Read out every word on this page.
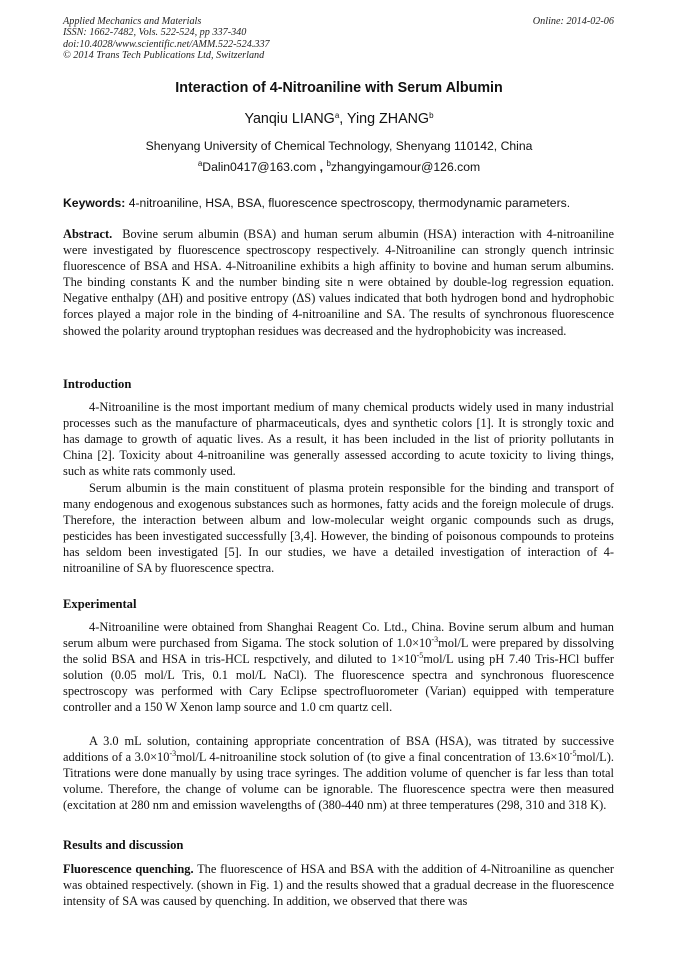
Applied Mechanics and Materials
ISSN: 1662-7482, Vols. 522-524, pp 337-340
doi:10.4028/www.scientific.net/AMM.522-524.337
© 2014 Trans Tech Publications Ltd, Switzerland
Online: 2014-02-06
Interaction of 4-Nitroaniline with Serum Albumin
Yanqiu LIANG$^a$, Ying ZHANG$^b$
Shenyang University of Chemical Technology, Shenyang 110142, China
$^a$Dalin0417@163.com , $^b$zhangyingamour@126.com
Keywords: 4-nitroaniline, HSA, BSA, fluorescence spectroscopy, thermodynamic parameters.
Abstract. Bovine serum albumin (BSA) and human serum albumin (HSA) interaction with 4-nitroaniline were investigated by fluorescence spectroscopy respectively. 4-Nitroaniline can strongly quench intrinsic fluorescence of BSA and HSA. 4-Nitroaniline exhibits a high affinity to bovine and human serum albumins. The binding constants K and the number binding site n were obtained by double-log regression equation. Negative enthalpy (ΔH) and positive entropy (ΔS) values indicated that both hydrogen bond and hydrophobic forces played a major role in the binding of 4-nitroaniline and SA. The results of synchronous fluorescence showed the polarity around tryptophan residues was decreased and the hydrophobicity was increased.
Introduction
4-Nitroaniline is the most important medium of many chemical products widely used in many industrial processes such as the manufacture of pharmaceuticals, dyes and synthetic colors [1]. It is strongly toxic and has damage to growth of aquatic lives. As a result, it has been included in the list of priority pollutants in China [2]. Toxicity about 4-nitroaniline was generally assessed according to acute toxicity to living things, such as white rats commonly used.
Serum albumin is the main constituent of plasma protein responsible for the binding and transport of many endogenous and exogenous substances such as hormones, fatty acids and the foreign molecule of drugs. Therefore, the interaction between album and low-molecular weight organic compounds such as drugs, pesticides has been investigated successfully [3,4]. However, the binding of poisonous compounds to proteins has seldom been investigated [5]. In our studies, we have a detailed investigation of interaction of 4- nitroaniline of SA by fluorescence spectra.
Experimental
4-Nitroaniline were obtained from Shanghai Reagent Co. Ltd., China. Bovine serum album and human serum album were purchased from Sigama. The stock solution of $1.0\times 10^{-3}mol/L$ were prepared by dissolving the solid BSA and HSA in tris-HCL respctively, and diluted to $1\times 10^{-5}mol/L$ using pH 7.40 Tris-HCl buffer solution (0.05 mol/L Tris, 0.1 mol/L NaCl). The fluorescence spectra and synchronous fluorescence spectroscopy was performed with Cary Eclipse spectrofluorometer (Varian) equipped with temperature controller and a 150 W Xenon lamp source and 1.0 cm quartz cell.
A 3.0 mL solution, containing appropriate concentration of BSA (HSA), was titrated by successive additions of a $3.0\times 10^{-3}mol/L$ 4-nitroaniline stock solution of (to give a final concentration of $13.6\times 10^{-5}mol/L$). Titrations were done manually by using trace syringes. The addition volume of quencher is far less than total volume. Therefore, the change of volume can be ignorable. The fluorescence spectra were then measured (excitation at 280 nm and emission wavelengths of (380-440 nm) at three temperatures (298, 310 and 318 K).
Results and discussion
Fluorescence quenching. The fluorescence of HSA and BSA with the addition of 4-Nitroaniline as quencher was obtained respectively. (shown in Fig. 1) and the results showed that a gradual decrease in the fluorescence intensity of SA was caused by quenching. In addition, we observed that there was
